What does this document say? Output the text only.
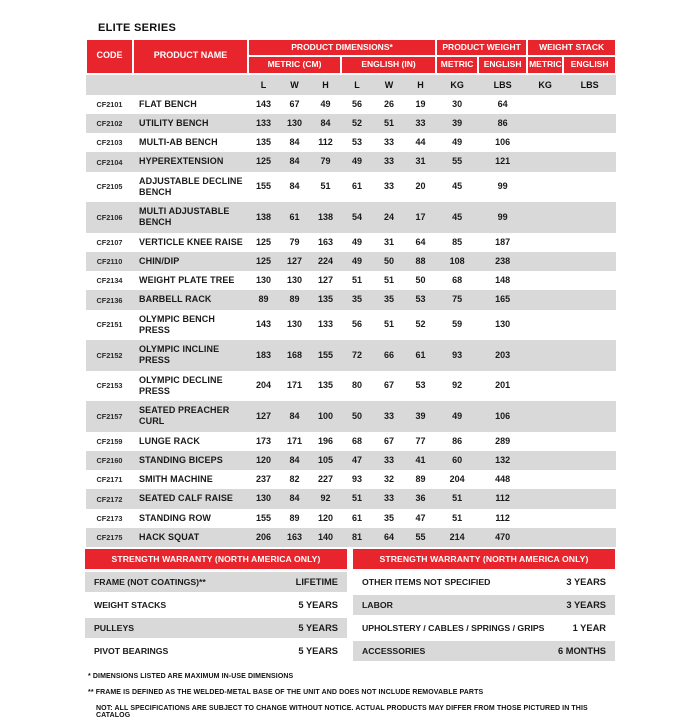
ELITE SERIES
CODE	PRODUCT NAME	PRODUCT DIMENSIONS*						PRODUCT WEIGHT		WEIGHT STACK	
		METRIC (CM)			ENGLISH (IN)			METRIC	ENGLISH	METRIC	ENGLISH
		L	W	H	L	W	H	KG	LBS	KG	LBS
CF2101	FLAT BENCH	143	67	49	56	26	19	30	64		
CF2102	UTILITY BENCH	133	130	84	52	51	33	39	86		
CF2103	MULTI-AB BENCH	135	84	112	53	33	44	49	106		
CF2104	HYPEREXTENSION	125	84	79	49	33	31	55	121		
CF2105	ADJUSTABLE DECLINE BENCH	155	84	51	61	33	20	45	99		
CF2106	MULTI ADJUSTABLE BENCH	138	61	138	54	24	17	45	99		
CF2107	VERTICLE KNEE RAISE	125	79	163	49	31	64	85	187		
CF2110	CHIN/DIP	125	127	224	49	50	88	108	238		
CF2134	WEIGHT PLATE TREE	130	130	127	51	51	50	68	148		
CF2136	BARBELL RACK	89	89	135	35	35	53	75	165		
CF2151	OLYMPIC BENCH PRESS	143	130	133	56	51	52	59	130		
CF2152	OLYMPIC INCLINE PRESS	183	168	155	72	66	61	93	203		
CF2153	OLYMPIC DECLINE PRESS	204	171	135	80	67	53	92	201		
CF2157	SEATED PREACHER CURL	127	84	100	50	33	39	49	106		
CF2159	LUNGE RACK	173	171	196	68	67	77	86	289		
CF2160	STANDING BICEPS	120	84	105	47	33	41	60	132		
CF2171	SMITH MACHINE	237	82	227	93	32	89	204	448		
CF2172	SEATED CALF RAISE	130	84	92	51	33	36	51	112		
CF2173	STANDING ROW	155	89	120	61	35	47	51	112		
CF2175	HACK SQUAT	206	163	140	81	64	55	214	470		
STRENGTH WARRANTY (NORTH AMERICA ONLY)
FRAME (NOT COATINGS)**	LIFETIME
WEIGHT STACKS	5 YEARS
PULLEYS	5 YEARS
PIVOT BEARINGS	5 YEARS
STRENGTH WARRANTY (NORTH AMERICA ONLY)
OTHER ITEMS NOT SPECIFIED	3 YEARS
LABOR	3 YEARS
UPHOLSTERY / CABLES / SPRINGS / GRIPS	1 YEAR
ACCESSORIES	6 MONTHS
* DIMENSIONS LISTED ARE MAXIMUM IN-USE DIMENSIONS
** FRAME IS DEFINED AS THE WELDED-METAL BASE OF THE UNIT AND DOES NOT INCLUDE REMOVABLE PARTS
NOT: ALL SPECIFICATIONS ARE SUBJECT TO CHANGE WITHOUT NOTICE. ACTUAL PRODUCTS MAY DIFFER FROM THOSE PICTURED IN THIS CATALOG
